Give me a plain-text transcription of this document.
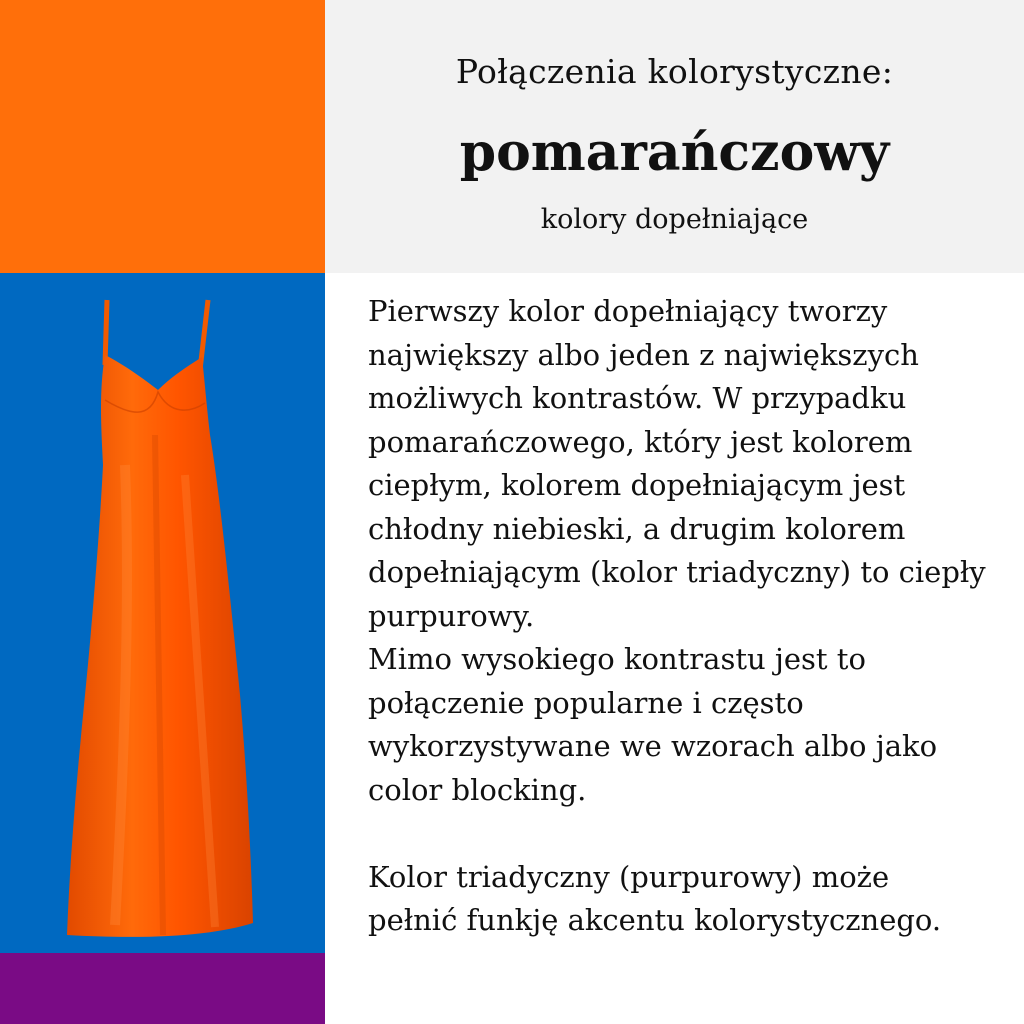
Połączenia kolorystyczne:
pomarańczowy
kolory dopełniające

Pierwszy kolor dopełniający tworzy
największy albo jeden z największych
możliwych kontrastów. W przypadku
pomarańczowego, który jest kolorem
ciepłym, kolorem dopełniającym jest
chłodny niebieski, a drugim kolorem
dopełniającym (kolor triadyczny) to ciepły
purpurowy.

Mimo wysokiego kontrastu jest to
połączenie popularne i często
wykorzystywane we wzorach albo jako
color blocking.

Kolor triadyczny (purpurowy) może
pełnić funkję akcentu kolorystycznego.
